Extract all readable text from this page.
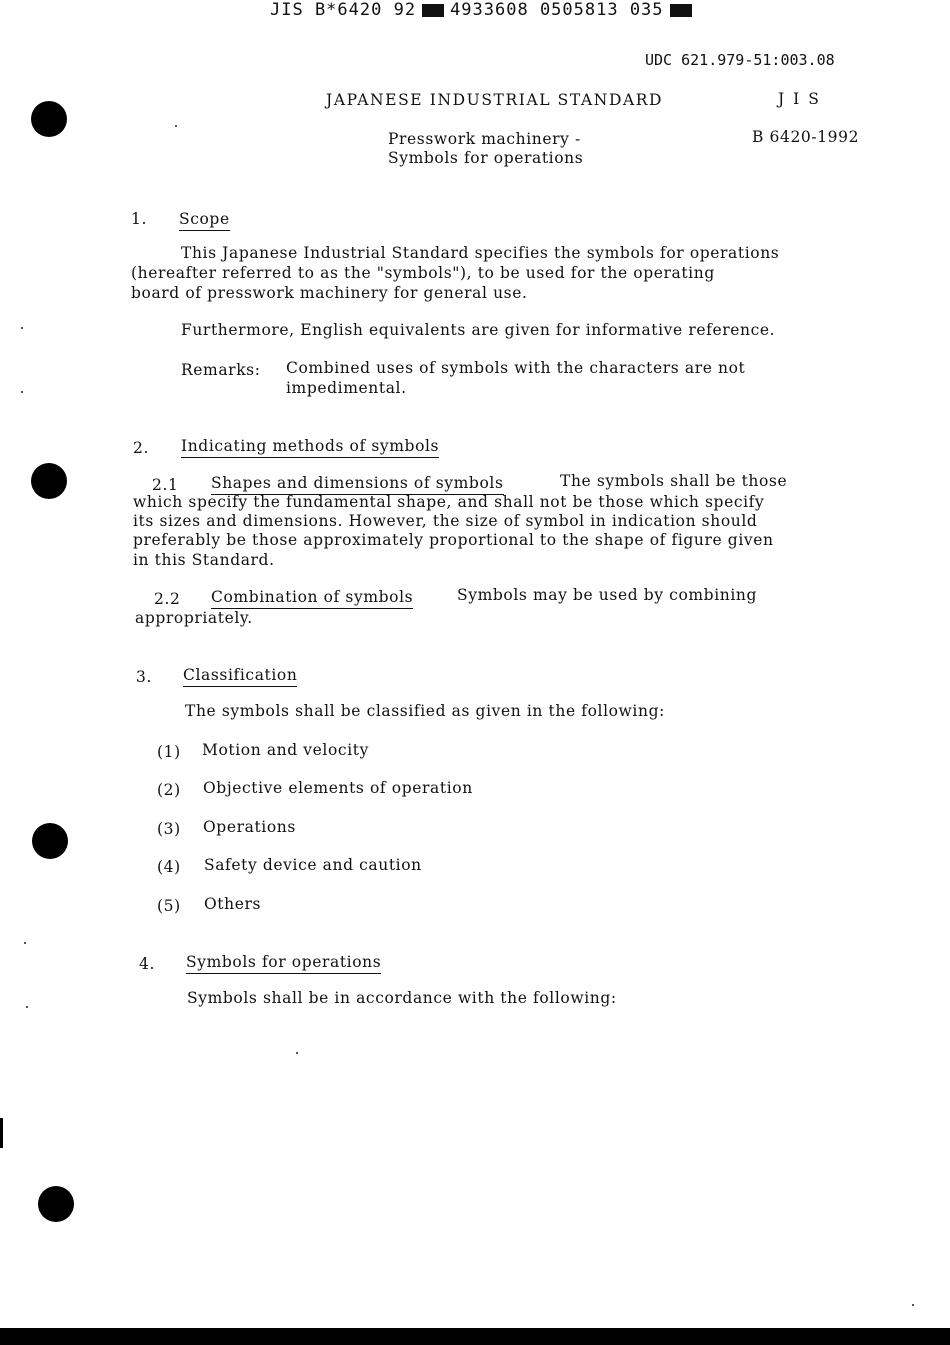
JIS B*6420 92 4933608 0505813 035
UDC 621.979-51:003.08
JAPANESE INDUSTRIAL STANDARD	J I S
Presswork machinery -
Symbols for operations
B 6420-1992
1. Scope
This Japanese Industrial Standard specifies the symbols for operations
(hereafter referred to as the "symbols"), to be used for the operating
board of presswork machinery for general use.
Furthermore, English equivalents are given for informative reference.
Remarks: Combined uses of symbols with the characters are not
impedimental.
2. Indicating methods of symbols
2.1 Shapes and dimensions of symbols	The symbols shall be those
which specify the fundamental shape, and shall not be those which specify
its sizes and dimensions. However, the size of symbol in indication should
preferably be those approximately proportional to the shape of figure given
in this Standard.
2.2 Combination of symbols	Symbols may be used by combining
appropriately.
3. Classification
The symbols shall be classified as given in the following:
(1) Motion and velocity
(2) Objective elements of operation
(3) Operations
(4) Safety device and caution
(5) Others
4. Symbols for operations
Symbols shall be in accordance with the following:
